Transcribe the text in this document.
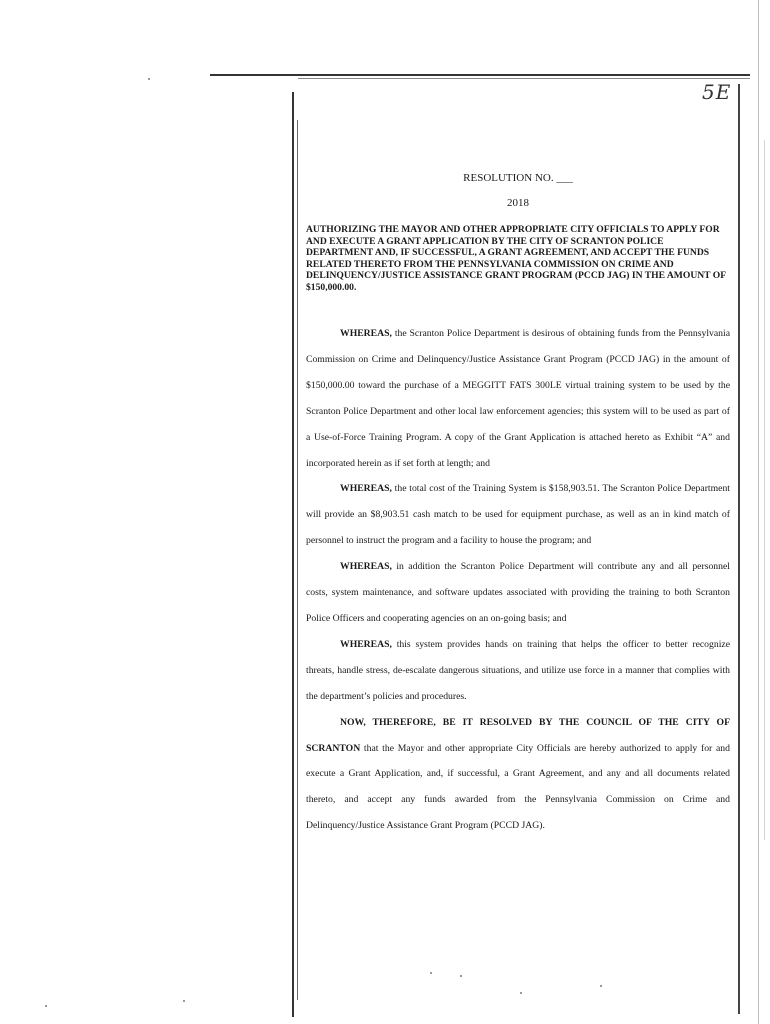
5E
RESOLUTION NO. ___
2018
AUTHORIZING THE MAYOR AND OTHER APPROPRIATE CITY OFFICIALS TO APPLY FOR AND EXECUTE A GRANT APPLICATION BY THE CITY OF SCRANTON POLICE DEPARTMENT AND, IF SUCCESSFUL, A GRANT AGREEMENT, AND ACCEPT THE FUNDS RELATED THERETO FROM THE PENNSYLVANIA COMMISSION ON CRIME AND DELINQUENCY/JUSTICE ASSISTANCE GRANT PROGRAM (PCCD JAG) IN THE AMOUNT OF $150,000.00.

WHEREAS, the Scranton Police Department is desirous of obtaining funds from the Pennsylvania Commission on Crime and Delinquency/Justice Assistance Grant Program (PCCD JAG) in the amount of $150,000.00 toward the purchase of a MEGGITT FATS 300LE virtual training system to be used by the Scranton Police Department and other local law enforcement agencies; this system will to be used as part of a Use-of-Force Training Program. A copy of the Grant Application is attached hereto as Exhibit “A” and incorporated herein as if set forth at length; and

WHEREAS, the total cost of the Training System is $158,903.51. The Scranton Police Department will provide an $8,903.51 cash match to be used for equipment purchase, as well as an in kind match of personnel to instruct the program and a facility to house the program; and

WHEREAS, in addition the Scranton Police Department will contribute any and all personnel costs, system maintenance, and software updates associated with providing the training to both Scranton Police Officers and cooperating agencies on an on-going basis; and

WHEREAS, this system provides hands on training that helps the officer to better recognize threats, handle stress, de-escalate dangerous situations, and utilize use force in a manner that complies with the department’s policies and procedures.

NOW, THEREFORE, BE IT RESOLVED BY THE COUNCIL OF THE CITY OF SCRANTON that the Mayor and other appropriate City Officials are hereby authorized to apply for and execute a Grant Application, and, if successful, a Grant Agreement, and any and all documents related thereto, and accept any funds awarded from the Pennsylvania Commission on Crime and Delinquency/Justice Assistance Grant Program (PCCD JAG).
